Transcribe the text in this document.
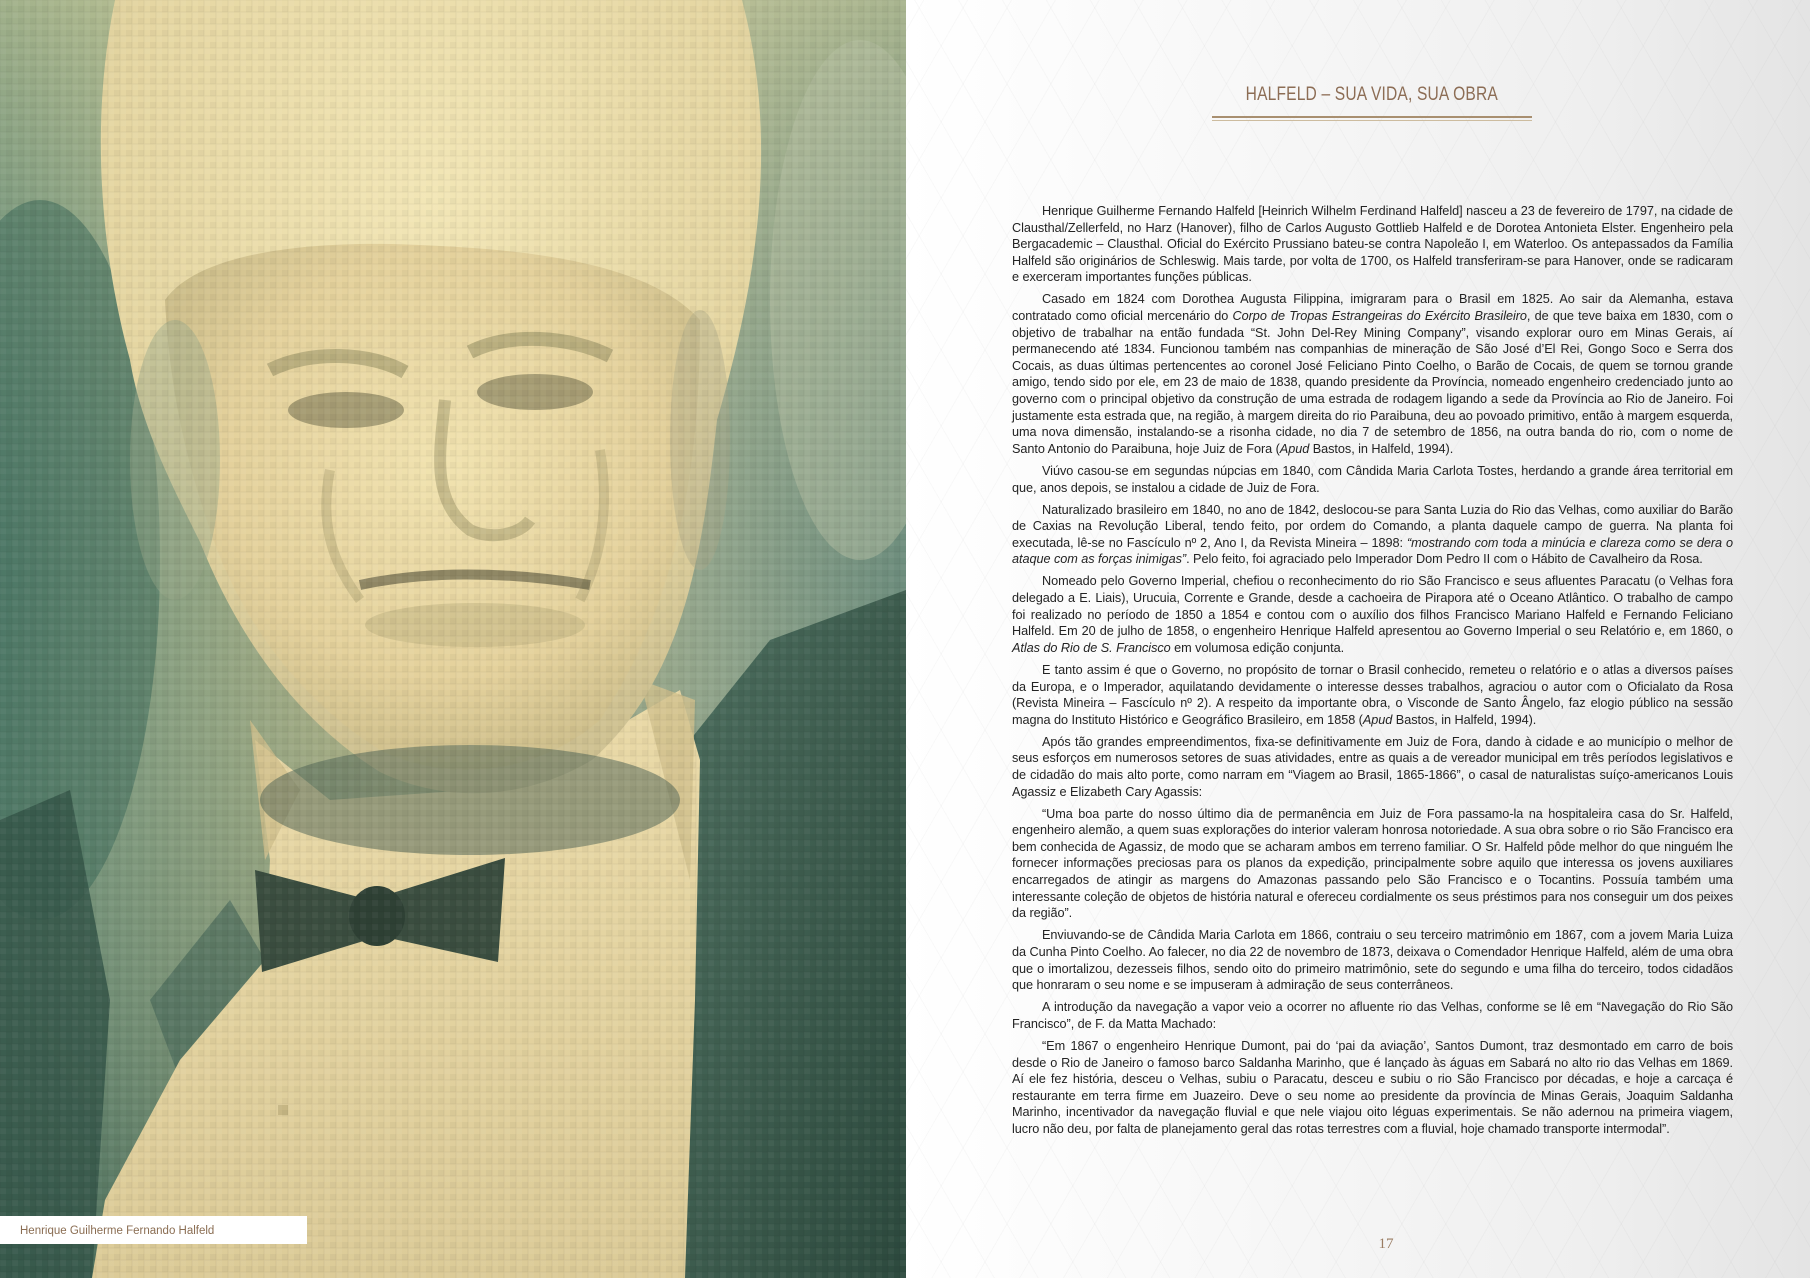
Henrique Guilherme Fernando Halfeld
HALFELD – SUA VIDA, SUA OBRA

Henrique Guilherme Fernando Halfeld [Heinrich Wilhelm Ferdinand Halfeld] nasceu a 23 de fevereiro de 1797, na cidade de Clausthal/Zellerfeld, no Harz (Hanover), filho de Carlos Augusto Gottlieb Halfeld e de Dorotea Antonieta Elster. Engenheiro pela Bergacademic – Clausthal. Oficial do Exército Prussiano bateu-se contra Napoleão I, em Waterloo. Os antepassados da Família Halfeld são originários de Schleswig. Mais tarde, por volta de 1700, os Halfeld transferiram-se para Hanover, onde se radicaram e exerceram importantes funções públicas.

Casado em 1824 com Dorothea Augusta Filippina, imigraram para o Brasil em 1825. Ao sair da Alemanha, estava contratado como oficial mercenário do Corpo de Tropas Estrangeiras do Exército Brasileiro, de que teve baixa em 1830, com o objetivo de trabalhar na então fundada “St. John Del-Rey Mining Company”, visando explorar ouro em Minas Gerais, aí permanecendo até 1834. Funcionou também nas companhias de mineração de São José d’El Rei, Gongo Soco e Serra dos Cocais, as duas últimas pertencentes ao coronel José Feliciano Pinto Coelho, o Barão de Cocais, de quem se tornou grande amigo, tendo sido por ele, em 23 de maio de 1838, quando presidente da Província, nomeado engenheiro credenciado junto ao governo com o principal objetivo da construção de uma estrada de rodagem ligando a sede da Província ao Rio de Janeiro. Foi justamente esta estrada que, na região, à margem direita do rio Paraibuna, deu ao povoado primitivo, então à margem esquerda, uma nova dimensão, instalando-se a risonha cidade, no dia 7 de setembro de 1856, na outra banda do rio, com o nome de Santo Antonio do Paraibuna, hoje Juiz de Fora (Apud Bastos, in Halfeld, 1994).

Viúvo casou-se em segundas núpcias em 1840, com Cândida Maria Carlota Tostes, herdando a grande área territorial em que, anos depois, se instalou a cidade de Juiz de Fora.

Naturalizado brasileiro em 1840, no ano de 1842, deslocou-se para Santa Luzia do Rio das Velhas, como auxiliar do Barão de Caxias na Revolução Liberal, tendo feito, por ordem do Comando, a planta daquele campo de guerra. Na planta foi executada, lê-se no Fascículo nº 2, Ano I, da Revista Mineira – 1898: “mostrando com toda a minúcia e clareza como se dera o ataque com as forças inimigas”. Pelo feito, foi agraciado pelo Imperador Dom Pedro II com o Hábito de Cavalheiro da Rosa.

Nomeado pelo Governo Imperial, chefiou o reconhecimento do rio São Francisco e seus afluentes Paracatu (o Velhas fora delegado a E. Liais), Urucuia, Corrente e Grande, desde a cachoeira de Pirapora até o Oceano Atlântico. O trabalho de campo foi realizado no período de 1850 a 1854 e contou com o auxílio dos filhos Francisco Mariano Halfeld e Fernando Feliciano Halfeld. Em 20 de julho de 1858, o engenheiro Henrique Halfeld apresentou ao Governo Imperial o seu Relatório e, em 1860, o Atlas do Rio de S. Francisco em volumosa edição conjunta.

E tanto assim é que o Governo, no propósito de tornar o Brasil conhecido, remeteu o relatório e o atlas a diversos países da Europa, e o Imperador, aquilatando devidamente o interesse desses trabalhos, agraciou o autor com o Oficialato da Rosa (Revista Mineira – Fascículo nº 2). A respeito da importante obra, o Visconde de Santo Ângelo, faz elogio público na sessão magna do Instituto Histórico e Geográfico Brasileiro, em 1858 (Apud Bastos, in Halfeld, 1994).

Após tão grandes empreendimentos, fixa-se definitivamente em Juiz de Fora, dando à cidade e ao município o melhor de seus esforços em numerosos setores de suas atividades, entre as quais a de vereador municipal em três períodos legislativos e de cidadão do mais alto porte, como narram em “Viagem ao Brasil, 1865-1866”, o casal de naturalistas suíço-americanos Louis Agassiz e Elizabeth Cary Agassis:

“Uma boa parte do nosso último dia de permanência em Juiz de Fora passamo-la na hospitaleira casa do Sr. Halfeld, engenheiro alemão, a quem suas explorações do interior valeram honrosa notoriedade. A sua obra sobre o rio São Francisco era bem conhecida de Agassiz, de modo que se acharam ambos em terreno familiar. O Sr. Halfeld pôde melhor do que ninguém lhe fornecer informações preciosas para os planos da expedição, principalmente sobre aquilo que interessa os jovens auxiliares encarregados de atingir as margens do Amazonas passando pelo São Francisco e o Tocantins. Possuía também uma interessante coleção de objetos de história natural e ofereceu cordialmente os seus préstimos para nos conseguir um dos peixes da região”.

Enviuvando-se de Cândida Maria Carlota em 1866, contraiu o seu terceiro matrimônio em 1867, com a jovem Maria Luiza da Cunha Pinto Coelho. Ao falecer, no dia 22 de novembro de 1873, deixava o Comendador Henrique Halfeld, além de uma obra que o imortalizou, dezesseis filhos, sendo oito do primeiro matrimônio, sete do segundo e uma filha do terceiro, todos cidadãos que honraram o seu nome e se impuseram à admiração de seus conterrâneos.

A introdução da navegação a vapor veio a ocorrer no afluente rio das Velhas, conforme se lê em “Navegação do Rio São Francisco”, de F. da Matta Machado:

“Em 1867 o engenheiro Henrique Dumont, pai do ‘pai da aviação’, Santos Dumont, traz desmontado em carro de bois desde o Rio de Janeiro o famoso barco Saldanha Marinho, que é lançado às águas em Sabará no alto rio das Velhas em 1869. Aí ele fez história, desceu o Velhas, subiu o Paracatu, desceu e subiu o rio São Francisco por décadas, e hoje a carcaça é restaurante em terra firme em Juazeiro. Deve o seu nome ao presidente da província de Minas Gerais, Joaquim Saldanha Marinho, incentivador da navegação fluvial e que nele viajou oito léguas experimentais. Se não adernou na primeira viagem, lucro não deu, por falta de planejamento geral das rotas terrestres com a fluvial, hoje chamado transporte intermodal”.

17
